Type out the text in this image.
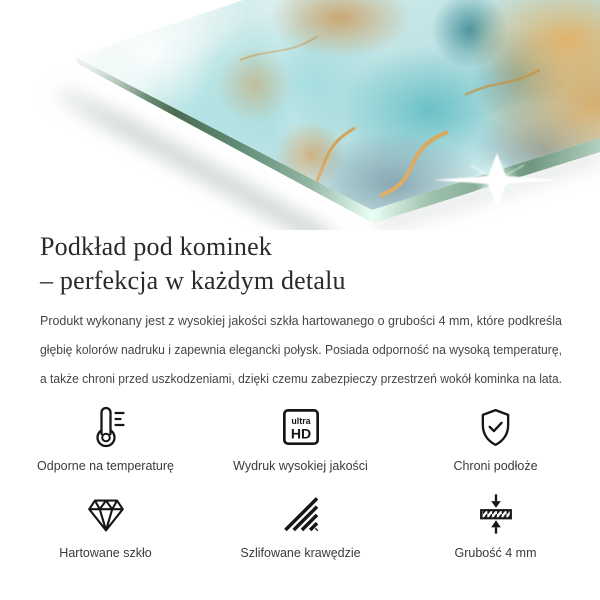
Podkład pod kominek
– perfekcja w każdym detalu
Produkt wykonany jest z wysokiej jakości szkła hartowanego o grubości 4 mm, które podkreśla
głębię kolorów nadruku i zapewnia elegancki połysk. Posiada odporność na wysoką temperaturę,
a także chroni przed uszkodzeniami, dzięki czemu zabezpieczy przestrzeń wokół kominka na lata.
Odporne na temperaturę
ultra
HD
Wydruk wysokiej jakości	Chroni podłoże
Hartowane szkło	Szlifowane krawędzie	Grubość 4 mm
